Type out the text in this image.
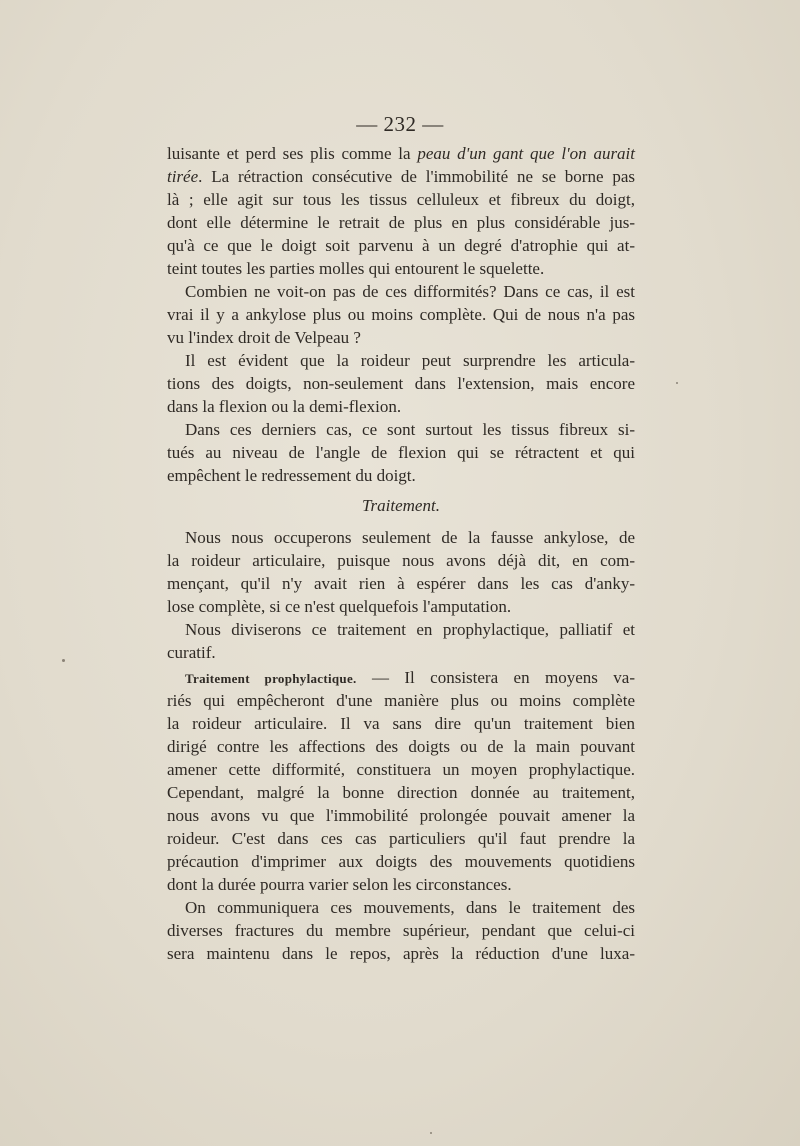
— 232 —
luisante et perd ses plis comme la peau d'un gant que l'on aurait
tirée. La rétraction consécutive de l'immobilité ne se borne pas
là ; elle agit sur tous les tissus celluleux et fibreux du doigt,
dont elle détermine le retrait de plus en plus considérable jus-
qu'à ce que le doigt soit parvenu à un degré d'atrophie qui at-
teint toutes les parties molles qui entourent le squelette.
Combien ne voit-on pas de ces difformités? Dans ce cas, il est
vrai il y a ankylose plus ou moins complète. Qui de nous n'a pas
vu l'index droit de Velpeau ?
Il est évident que la roideur peut surprendre les articula-
tions des doigts, non-seulement dans l'extension, mais encore
dans la flexion ou la demi-flexion.
Dans ces derniers cas, ce sont surtout les tissus fibreux si-
tués au niveau de l'angle de flexion qui se rétractent et qui
empêchent le redressement du doigt.
Traitement.
Nous nous occuperons seulement de la fausse ankylose, de
la roideur articulaire, puisque nous avons déjà dit, en com-
mençant, qu'il n'y avait rien à espérer dans les cas d'anky-
lose complète, si ce n'est quelquefois l'amputation.
Nous diviserons ce traitement en prophylactique, palliatif et
curatif.
Traitement prophylactique. — Il consistera en moyens va-
riés qui empêcheront d'une manière plus ou moins complète
la roideur articulaire. Il va sans dire qu'un traitement bien
dirigé contre les affections des doigts ou de la main pouvant
amener cette difformité, constituera un moyen prophylactique.
Cependant, malgré la bonne direction donnée au traitement,
nous avons vu que l'immobilité prolongée pouvait amener la
roideur. C'est dans ces cas particuliers qu'il faut prendre la
précaution d'imprimer aux doigts des mouvements quotidiens
dont la durée pourra varier selon les circonstances.
On communiquera ces mouvements, dans le traitement des
diverses fractures du membre supérieur, pendant que celui-ci
sera maintenu dans le repos, après la réduction d'une luxa-
